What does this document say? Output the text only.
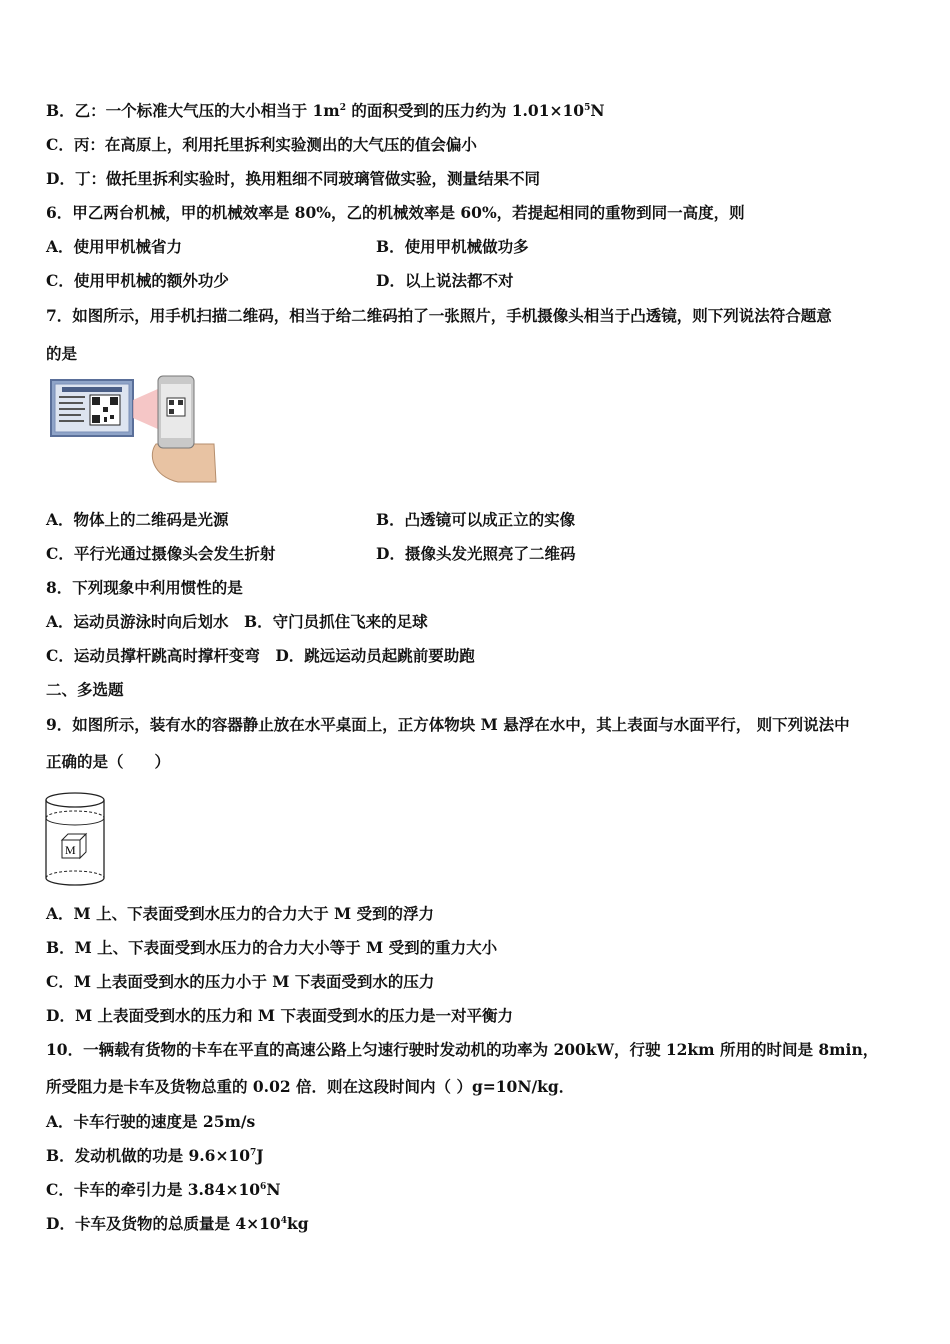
B．乙：一个标准大气压的大小相当于 $1m^2$ 的面积受到的压力约为 $1.01\times 10^5N$
C．丙：在高原上，利用托里拆利实验测出的大气压的值会偏小
D．丁：做托里拆利实验时，换用粗细不同玻璃管做实验，测量结果不同
6．甲乙两台机械，甲的机械效率是 80%，乙的机械效率是 60%，若提起相同的重物到同一高度，则
A．使用甲机械省力	B．使用甲机械做功多
C．使用甲机械的额外功少	D．以上说法都不对
7．如图所示，用手机扫描二维码，相当于给二维码拍了一张照片，手机摄像头相当于凸透镜，则下列说法符合题意
的是
A．物体上的二维码是光源	B．凸透镜可以成正立的实像
C．平行光通过摄像头会发生折射	D．摄像头发光照亮了二维码
8．下列现象中利用惯性的是
A．运动员游泳时向后划水　B．守门员抓住飞来的足球
C．运动员撑杆跳高时撑杆变弯　D．跳远运动员起跳前要助跑
二、多选题
9．如图所示，装有水的容器静止放在水平桌面上，正方体物块 M 悬浮在水中，其上表面与水面平行， 则下列说法中
正确的是（　　）
M
A．M 上、下表面受到水压力的合力大于 M 受到的浮力
B．M 上、下表面受到水压力的合力大小等于 M 受到的重力大小
C．M 上表面受到水的压力小于 M 下表面受到水的压力
D．M 上表面受到水的压力和 M 下表面受到水的压力是一对平衡力
10．一辆载有货物的卡车在平直的高速公路上匀速行驶时发动机的功率为 200kW，行驶 12km 所用的时间是 8min，
所受阻力是卡车及货物总重的 0.02 倍．则在这段时间内（ ）g=10N/kg．
A．卡车行驶的速度是 25m/s
B．发动机做的功是 $9.6\times 10^7J$
C．卡车的牵引力是 $3.84\times 10^6N$
D．卡车及货物的总质量是 $4\times 10^4kg$
